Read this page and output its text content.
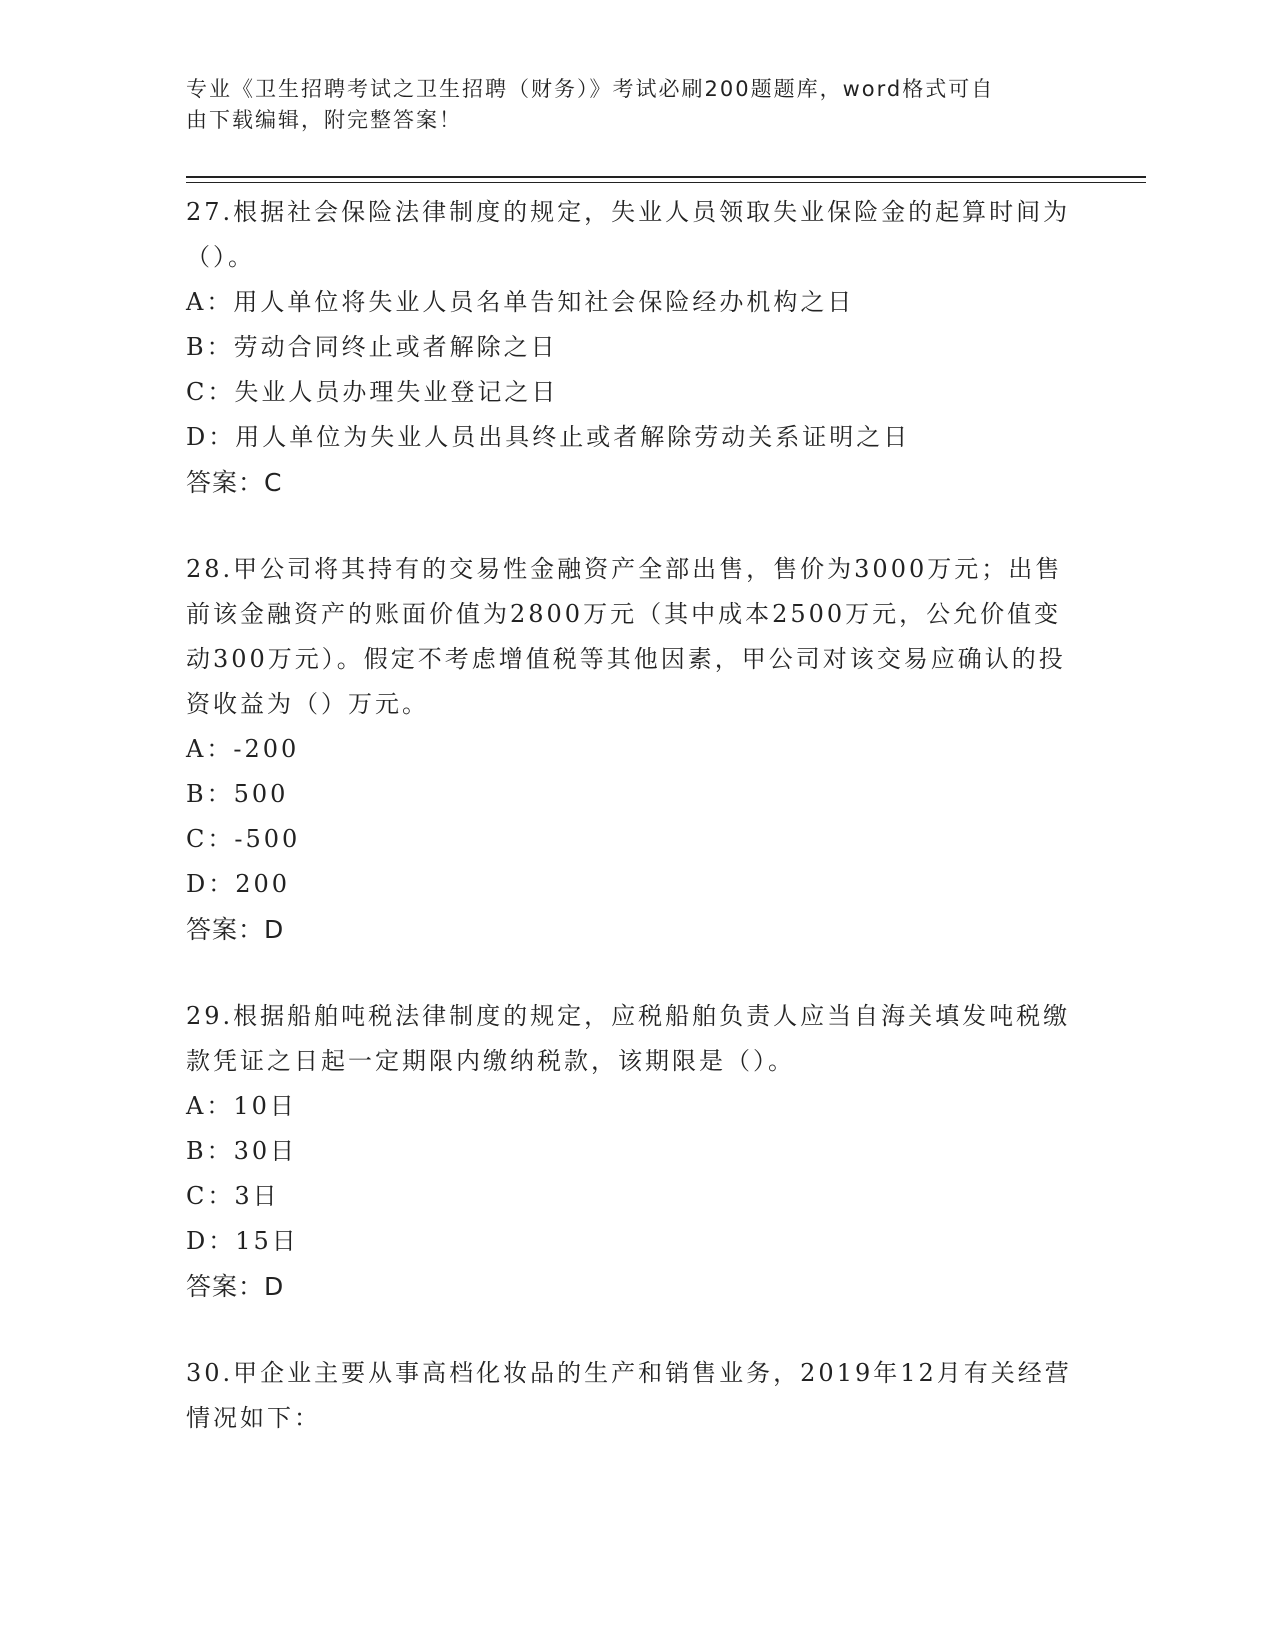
专业《卫生招聘考试之卫生招聘（财务）》考试必刷200题题库，word格式可自
由下载编辑，附完整答案！

27.根据社会保险法律制度的规定，失业人员领取失业保险金的起算时间为（）。

A：用人单位将失业人员名单告知社会保险经办机构之日

B：劳动合同终止或者解除之日

C：失业人员办理失业登记之日

D：用人单位为失业人员出具终止或者解除劳动关系证明之日

答案：C

28.甲公司将其持有的交易性金融资产全部出售，售价为3000万元；出售前该金融资产的账面价值为2800万元（其中成本2500万元，公允价值变动300万元）。假定不考虑增值税等其他因素，甲公司对该交易应确认的投资收益为（）万元。

A：-200

B：500

C：-500

D：200

答案：D

29.根据船舶吨税法律制度的规定，应税船舶负责人应当自海关填发吨税缴款凭证之日起一定期限内缴纳税款，该期限是（）。

A：10日

B：30日

C：3日

D：15日

答案：D

30.甲企业主要从事高档化妆品的生产和销售业务，2019年12月有关经营情况如下：
